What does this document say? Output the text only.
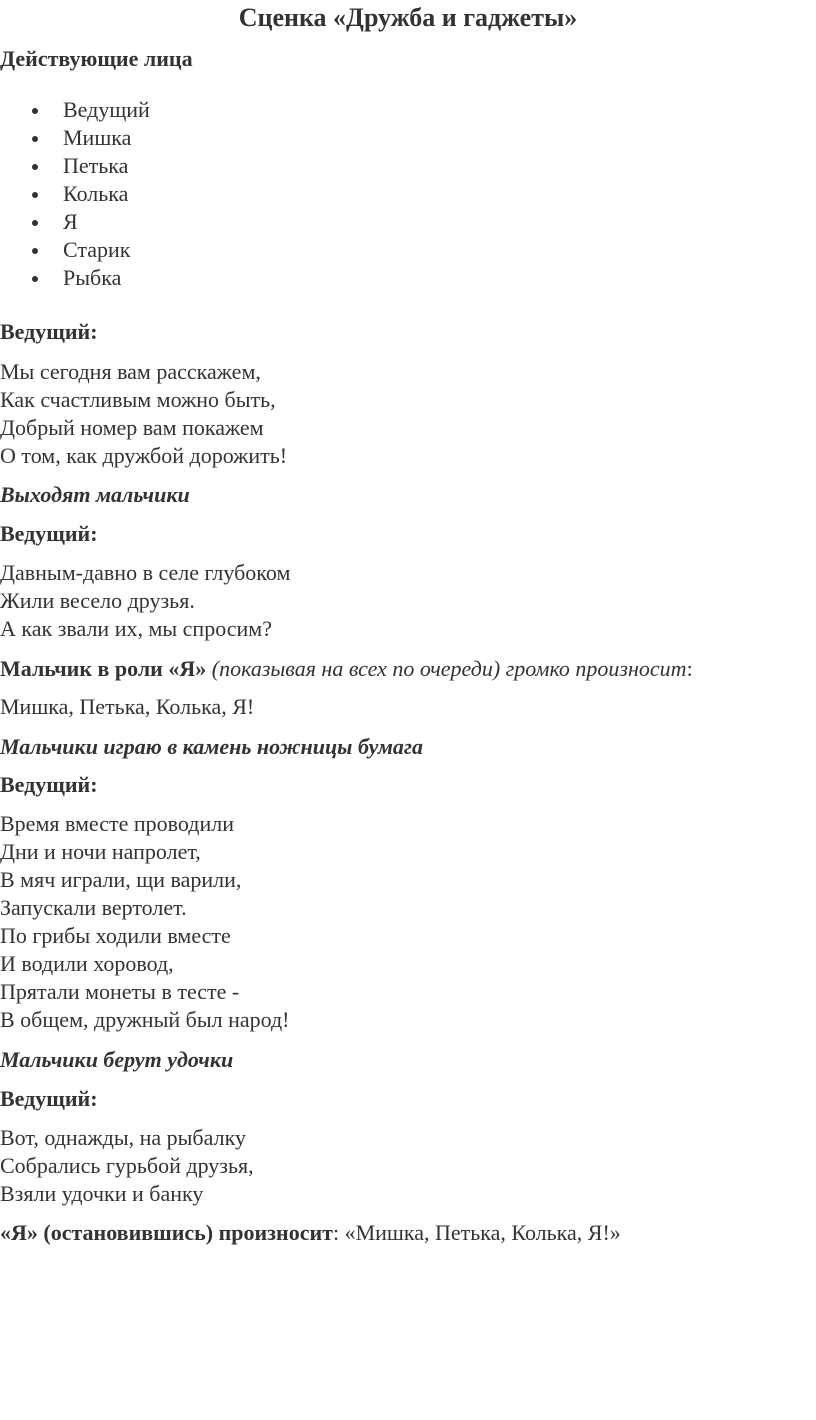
Сценка «Дружба и гаджеты»
Действующие лица
Ведущий
Мишка
Петька
Колька
Я
Старик
Рыбка
Ведущий:
Мы сегодня вам расскажем,
Как счастливым можно быть,
Добрый номер вам покажем
О том, как дружбой дорожить!
Выходят мальчики
Ведущий:
Давным-давно в селе глубоком
Жили весело друзья.
А как звали их, мы спросим?
Мальчик в роли «Я» (показывая на всех по очереди) громко произносит:
Мишка, Петька, Колька, Я!
Мальчики играю в камень ножницы бумага
Ведущий:
Время вместе проводили
Дни и ночи напролет,
В мяч играли, щи варили,
Запускали вертолет.
По грибы ходили вместе
И водили хоровод,
Прятали монеты в тесте -
В общем, дружный был народ!
Мальчики берут удочки
Ведущий:
Вот, однажды, на рыбалку
Собрались гурьбой друзья,
Взяли удочки и банку
«Я» (остановившись) произносит: «Мишка, Петька, Колька, Я!»
